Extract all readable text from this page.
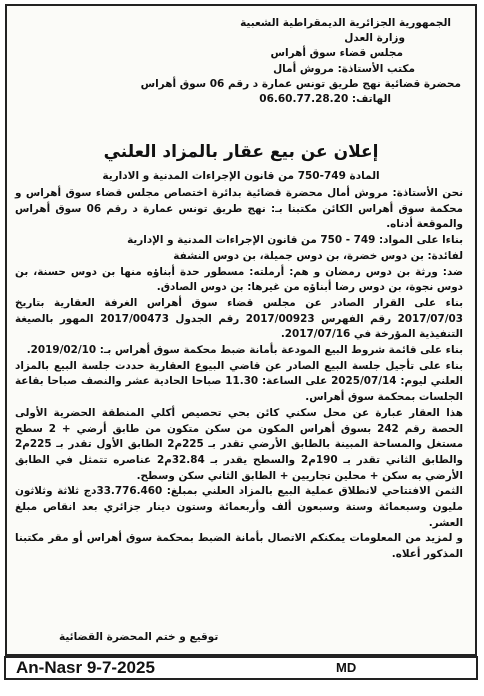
الجمهورية الجزائرية الديمقراطية الشعبية
وزارة العدل
مجلس قضاء سوق أهراس
مكتب الأستاذة: مروش أمال
محضرة قضائية نهج طريق تونس عمارة د رقم 06 سوق أهراس
الهاتف: 06.60.77.28.20
إعلان عن بيع عقار بالمزاد العلني
المادة 749-750 من قانون الإجراءات المدنية و الادارية

نحن الأستاذة: مروش أمال محضرة قضائية بدائرة اختصاص مجلس قضاء سوق أهراس و محكمة سوق أهراس الكائن مكتبنا بـ: نهج طريق تونس عمارة د رقم 06 سوق أهراس والموقعة أدناه.

بناءا على المواد: 749 - 750 من قانون الإجراءات المدنية و الإدارية

لفائدة: بن دوس خضرة، بن دوس جميلة، بن دوس النشفة

ضد: ورثة بن دوس رمضان و هم: أرملته: مسطور حدة أبناؤه منها بن دوس حسنة، بن دوس نجوة، بن دوس رضا أبناؤه من غيرها: بن دوس الصادق.

بناء على القرار الصادر عن مجلس قضاء سوق أهراس الغرفة العقارية بتاريخ 2017/07/03 رقم الفهرس 2017/00923 رقم الجدول 2017/00473 المهور بالصيغة التنفيذية المؤرخة في 2017/07/16.

بناء على قائمة شروط البيع المودعة بأمانة ضبط محكمة سوق أهراس بـ: 2019/02/10.

بناء على تأجيل جلسة البيع الصادر عن قاضي البيوع العقارية حددت جلسة البيع بالمزاد العلني ليوم: 2025/07/14 على الساعة: 11.30 صباحا الحادية عشر والنصف صباحا بقاعة الجلسات بمحكمة سوق أهراس.

هذا العقار عبارة عن محل سكني كائن بحي تحصيص أكلي المنطقة الحضرية الأولى الحصة رقم 242 بسوق أهراس المكون من سكن متكون من طابق أرضي + 2 سطح مستغل والمساحة المبينة بالطابق الأرضي تقدر بـ 225م2 الطابق الأول تقدر بـ 225م2 والطابق الثاني تقدر بـ 190م2 والسطح يقدر بـ 32.84م2 عناصره تتمثل في الطابق الأرضي به سكن + محلين تجاريين + الطابق الثاني سكن وسطح.

الثمن الافتتاحي لانطلاق عملية البيع بالمزاد العلني بمبلغ: 33.776.460دج ثلاثة وثلاثون مليون وسبعمائة وستة وسبعون ألف وأربعمائة وستون دينار جزائري بعد انقاص مبلغ العشر.

و لمزيد من المعلومات يمكنكم الاتصال بأمانة الضبط بمحكمة سوق أهراس أو مقر مكتبنا المذكور أعلاه.

توقيع و ختم المحضرة القضائية
An-Nasr 9-7-2025	MD
